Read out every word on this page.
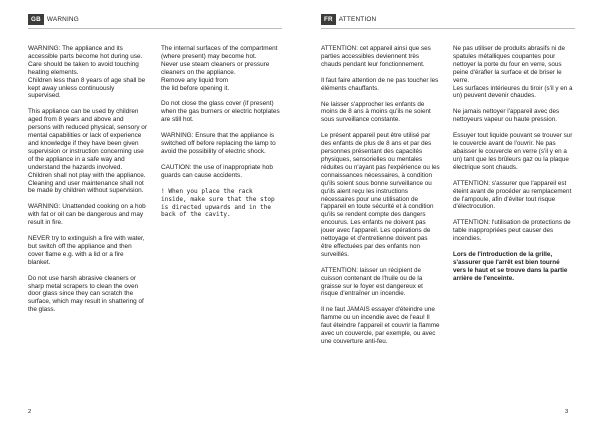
GB WARNING

WARNING: The appliance and its accessible parts become hot during use.
Care should be taken to avoid touching heating elements.
Children less than 8 years of age shall be kept away unless continuously supervised.

This appliance can be used by children aged from 8 years and above and persons with reduced physical, sensory or mental capabilities or lack of experience and knowledge if they have been given supervision or instruction concerning use of the appliance in a safe way and understand the hazards involved. Children shall not play with the appliance. Cleaning and user maintenance shall not be made by children without supervision.

WARNING: Unattended cooking on a hob with fat or oil can be dangerous and may result in fire.

NEVER try to extinguish a fire with water, but switch off the appliance and then cover flame e.g. with a lid or a fire blanket.

Do not use harsh abrasive cleaners or sharp metal scrapers to clean the oven door glass since they can scratch the surface, which may result in shattering of the glass.

The internal surfaces of the compartment (where present) may become hot.
Never use steam cleaners or pressure cleaners on the appliance.
Remove any liquid from
the lid before opening it.

Do not close the glass cover (if present) when the gas burners or electric hotplates are still hot.

WARNING: Ensure that the appliance is switched off before replacing the lamp to avoid the possibility of electric shock.

CAUTION: the use of inappropriate hob guards can cause accidents.

! When you place the rack inside, make sure that the stop is directed upwards and in the back of the cavity.

2

ATTENTION: cet appareil ainsi que ses parties accessibles deviennent très chauds pendant leur fonctionnement.

Il faut faire attention de ne pas toucher les éléments chauffants.

Ne laisser s'approcher les enfants de moins de 8 ans à moins qu'ils ne soient sous surveillance constante.

Le présent appareil peut être utilisé par des enfants de plus de 8 ans et par des personnes présentant des capacités physiques, sensorielles ou mentales réduites ou n'ayant pas l'expérience ou les connaissances nécessaires, à condition qu'ils soient sous bonne surveillance ou qu'ils aient reçu les instructions nécessaires pour une utilisation de l'appareil en toute sécurité et à condition qu'ils se rendent compte des dangers encourus. Les enfants ne doivent pas jouer avec l'appareil. Les opérations de nettoyage et d'entretienne doivent pas être effectuées par des enfants non surveillés.

ATTENTION: laisser un récipient de cuisson contenant de l'huile ou de la graisse sur le foyer est dangereux et risque d'entraîner un incendie.

Il ne faut JAMAIS essayer d'éteindre une flamme ou un incendie avec de l'eau! Il faut éteindre l'appareil et couvrir la flamme avec un couvercle, par exemple, ou avec une couverture anti-feu.

Ne pas utiliser de produits abrasifs ni de spatules métalliques coupantes pour nettoyer la porte du four en verre, sous peine d'érafler la surface et de briser le verre.
Les surfaces intérieures du tiroir (s'il y en a un) peuvent devenir chaudes.

Ne jamais nettoyer l'appareil avec des nettoyeurs vapeur ou haute pression.

Essuyer tout liquide pouvant se trouver sur le couvercle avant de l'ouvrir. Ne pas abaisser le couvercle en verre (s'il y en a un) tant que les brûleurs gaz ou la plaque électrique sont chauds.

ATTENTION: s'assurer que l'appareil est éteint avant de procéder au remplacement de l'ampoule, afin d'éviter tout risque d'électrocution.

ATTENTION: l'utilisation de protections de table inappropriées peut causer des incendies.

Lors de l'introduction de la grille, s'assurer que l'arrêt est bien tourné vers le haut et se trouve dans la partie arrière de l'enceinte.

3
FR ATTENTION
